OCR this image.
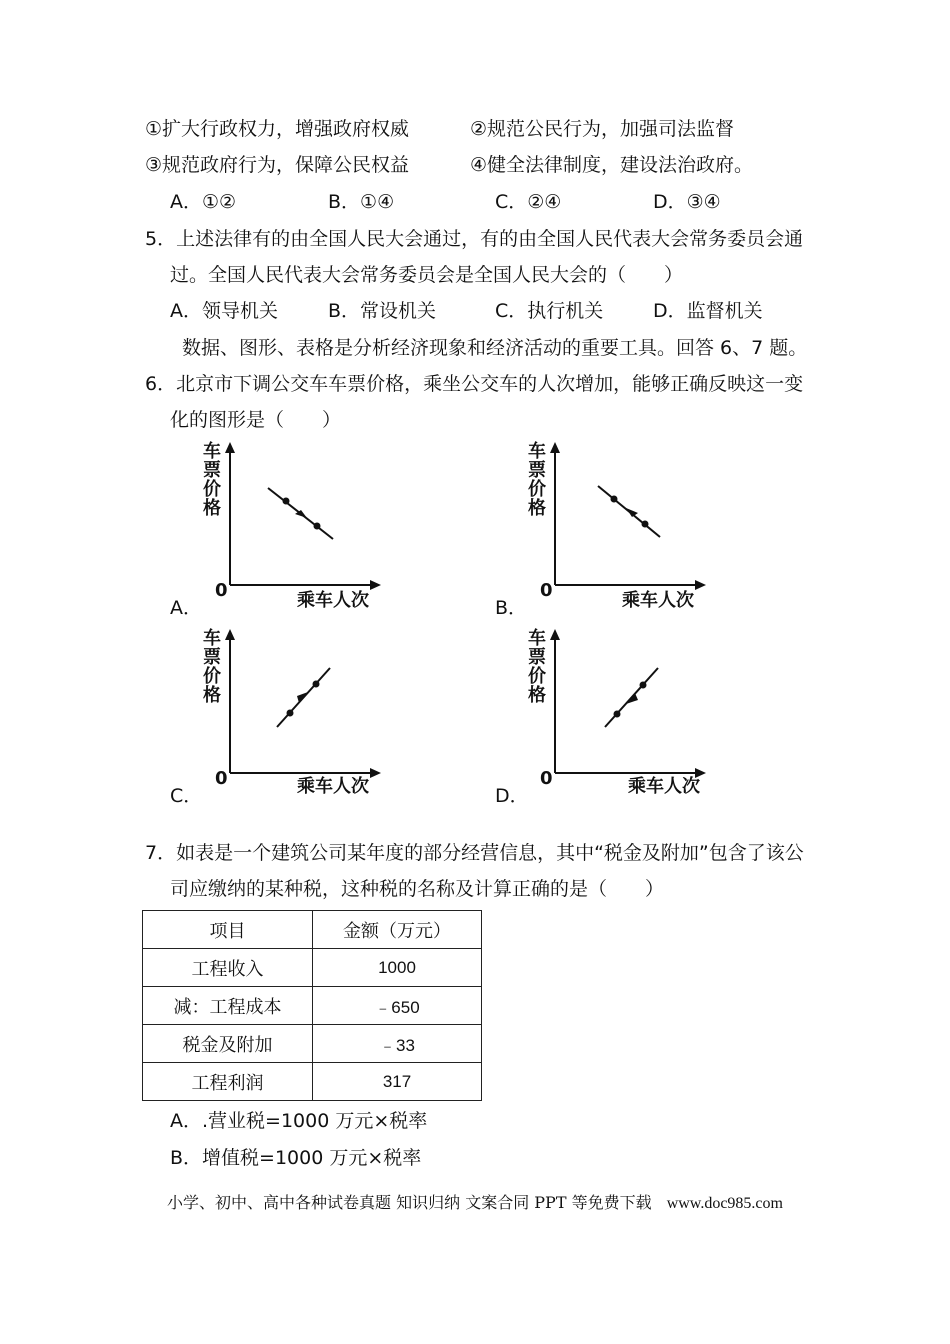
①扩大行政权力，增强政府权威	②规范公民行为，加强司法监督
③规范政府行为，保障公民权益	④健全法律制度，建设法治政府。
A．①②	B．①④	C．②④	D．③④
5．上述法律有的由全国人民大会通过，有的由全国人民代表大会常务委员会通
过。全国人民代表大会常务委员会是全国人民大会的（　　）
A．领导机关	B．常设机关	C．执行机关	D．监督机关
数据、图形、表格是分析经济现象和经济活动的重要工具。回答 6、7 题。
6．北京市下调公交车车票价格，乘坐公交车的人次增加，能够正确反映这一变
化的图形是（　　）
车票价格
0	乘车人次
A．
车票价格
0	乘车人次
B．
车票价格
0	乘车人次
C．
车票价格
0	乘车人次
D．
7．如表是一个建筑公司某年度的部分经营信息，其中“税金及附加”包含了该公
司应缴纳的某种税，这种税的名称及计算正确的是（　　）
项目	金额（万元）
工程收入	1000
减：工程成本	﹣650
税金及附加	﹣33
工程利润	317
A．.营业税=1000 万元×税率
B．增值税=1000 万元×税率
小学、初中、高中各种试卷真题 知识归纳 文案合同 PPT 等免费下载 www.doc985.com
